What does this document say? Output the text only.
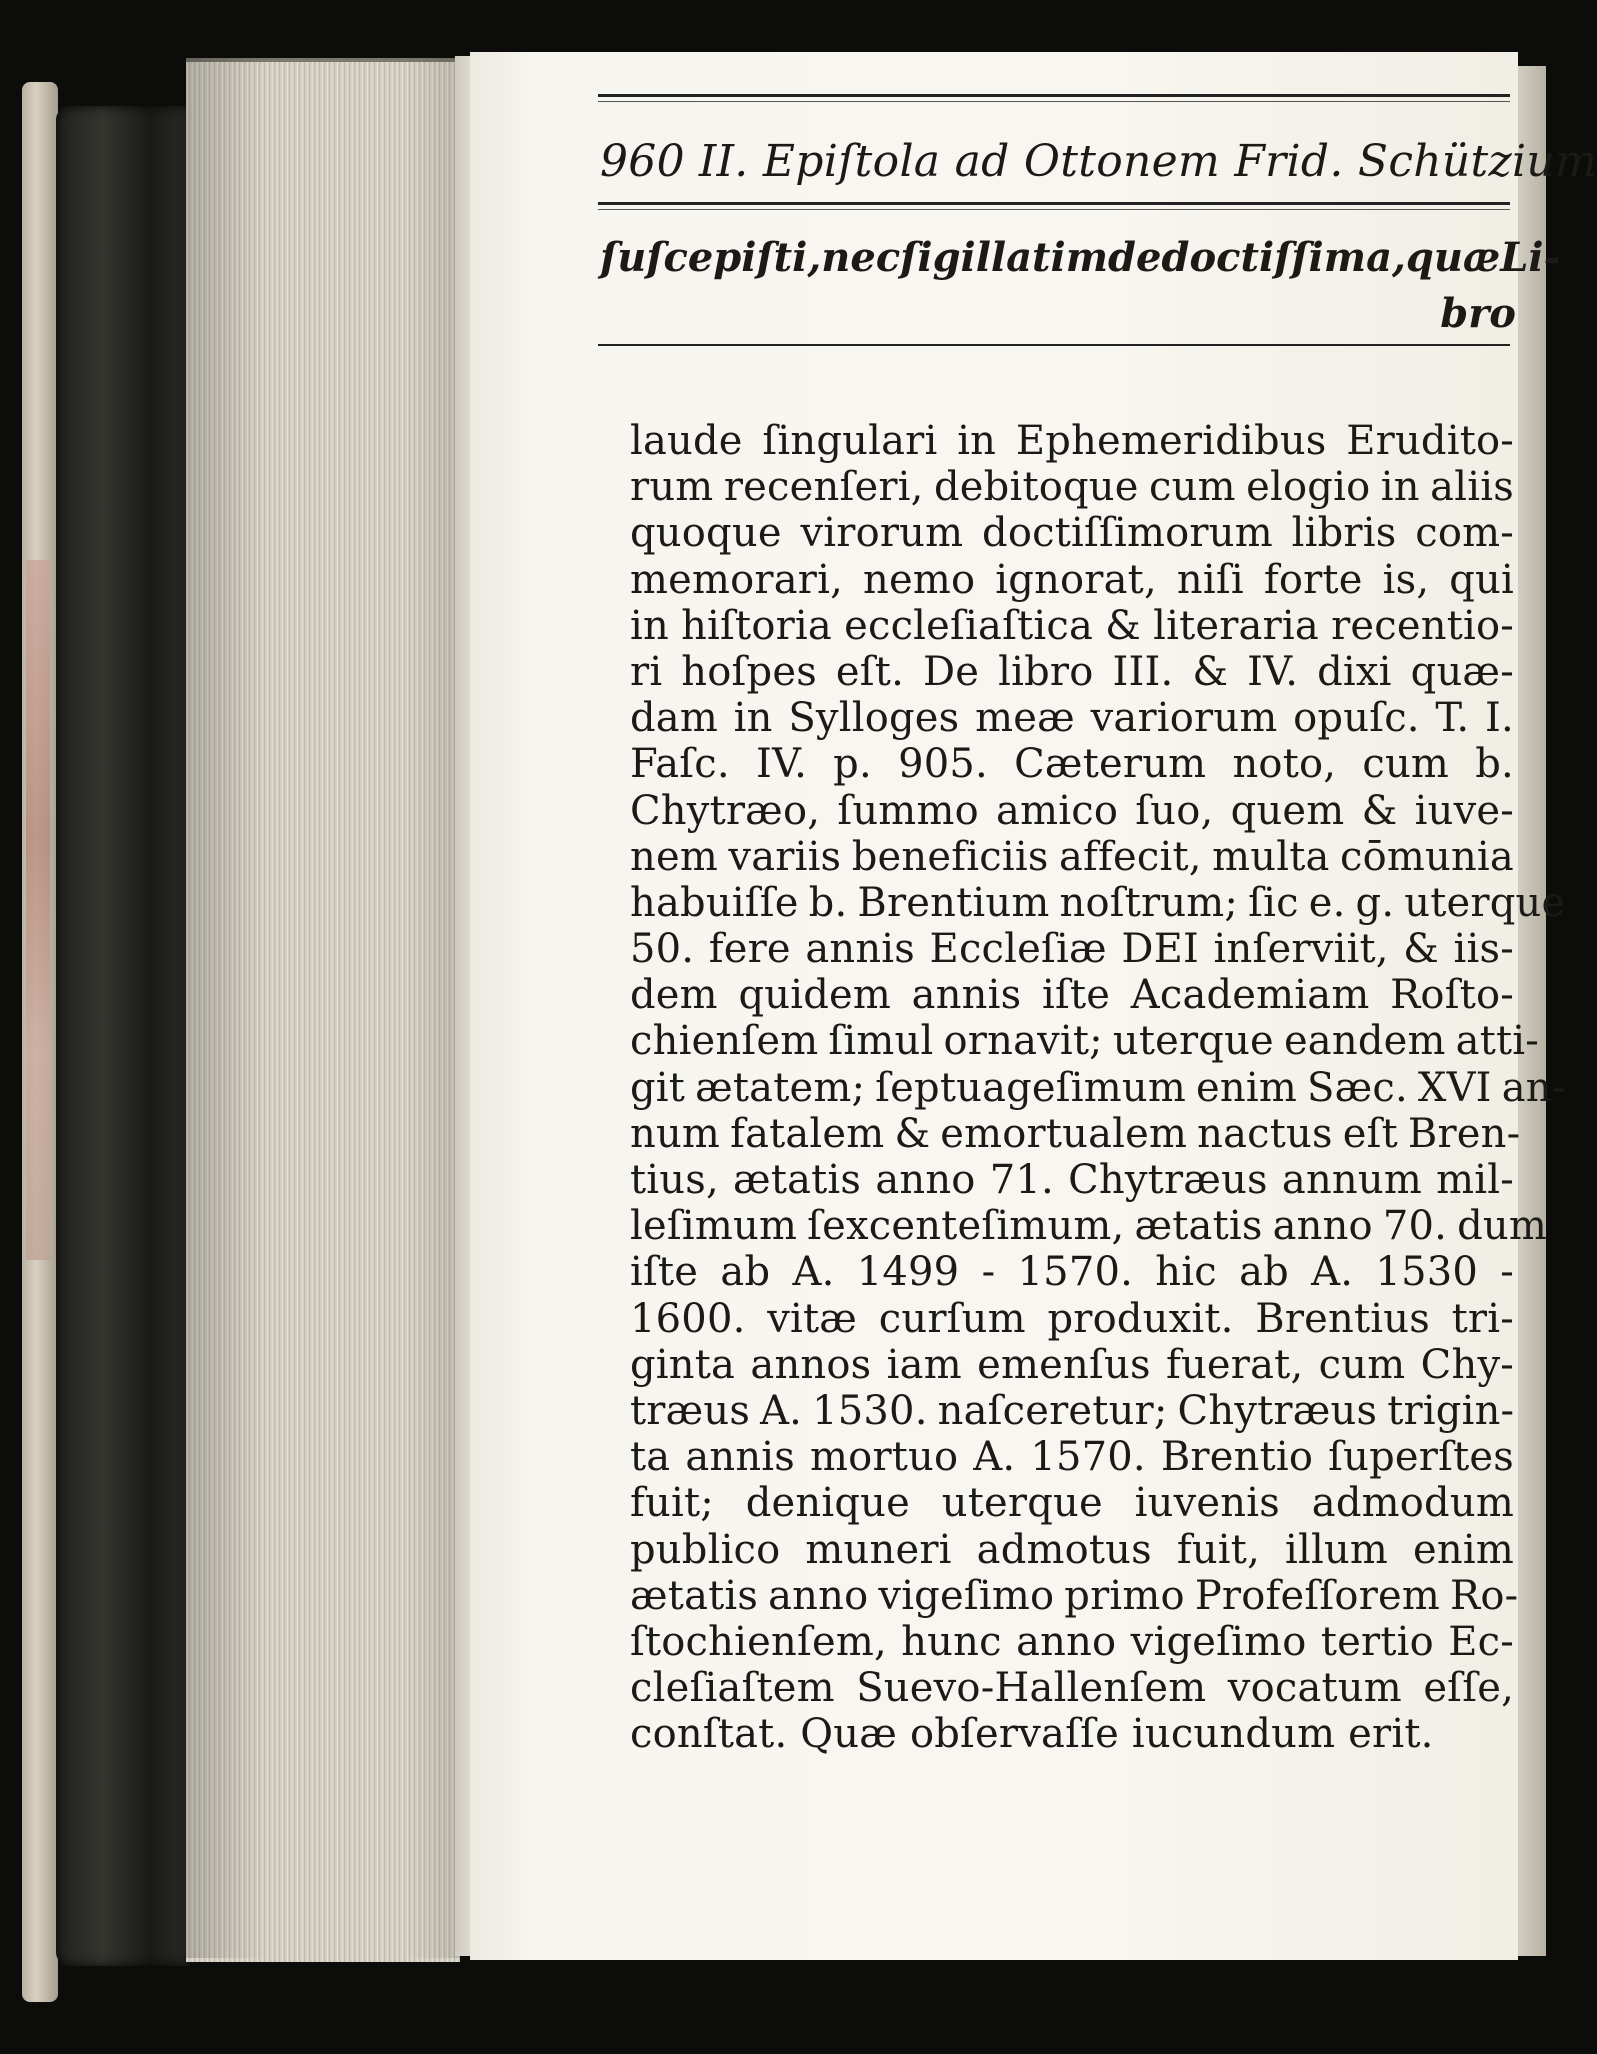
960 II. Epiſtola ad Ottonem Frid. Schützium
ſuſcepiſti, nec ſigillatim de doctiſſima, quæ Li-
bro
laude ſingulari in Ephemeridibus Erudito-
rum recenſeri, debitoque cum elogio in aliis
quoque virorum doctiſſimorum libris com-
memorari, nemo ignorat, niſi forte is, qui
in hiſtoria eccleſiaſtica & literaria recentio-
ri hoſpes eſt. De libro III. & IV. dixi quæ-
dam in Sylloges meæ variorum opuſc. T. I.
Faſc. IV. p. 905. Cæterum noto, cum b.
Chytræo, ſummo amico ſuo, quem & iuve-
nem variis beneficiis affecit, multa cōmunia
habuiſſe b. Brentium noſtrum; ſic e. g. uterque
50. fere annis Eccleſiæ DEI inſerviit, & iis-
dem quidem annis iſte Academiam Roſto-
chienſem ſimul ornavit; uterque eandem atti-
git ætatem; ſeptuageſimum enim Sæc. XVI an-
num fatalem & emortualem nactus eſt Bren-
tius, ætatis anno 71. Chytræus annum mil-
leſimum ſexcenteſimum, ætatis anno 70. dum
iſte ab A. 1499 - 1570. hic ab A. 1530 -
1600. vitæ curſum produxit. Brentius tri-
ginta annos iam emenſus fuerat, cum Chy-
træus A. 1530. naſceretur; Chytræus trigin-
ta annis mortuo A. 1570. Brentio ſuperſtes
fuit; denique uterque iuvenis admodum
publico muneri admotus fuit, illum enim
ætatis anno vigeſimo primo Profeſſorem Ro-
ſtochienſem, hunc anno vigeſimo tertio Ec-
cleſiaſtem Suevo-Hallenſem vocatum eſſe,
conſtat. Quæ obſervaſſe iucundum erit.
